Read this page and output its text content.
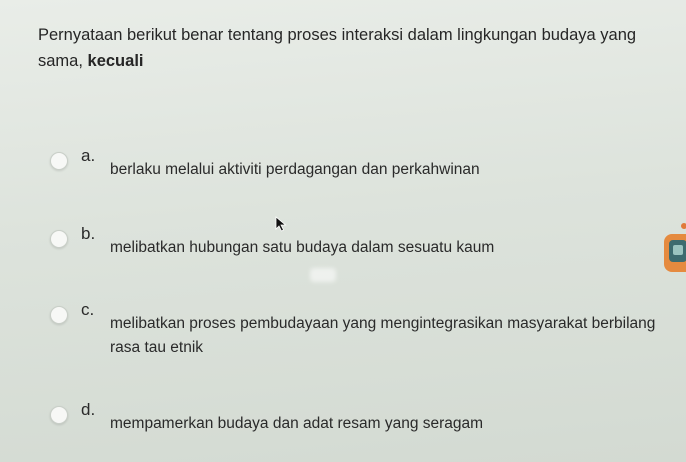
Pernyataan berikut benar tentang proses interaksi dalam lingkungan budaya yang sama, kecuali
a.
berlaku melalui aktiviti perdagangan dan perkahwinan
b.
melibatkan hubungan satu budaya dalam sesuatu kaum
c.
melibatkan proses pembudayaan yang mengintegrasikan masyarakat berbilang rasa tau etnik
d.
mempamerkan budaya dan adat resam yang seragam
